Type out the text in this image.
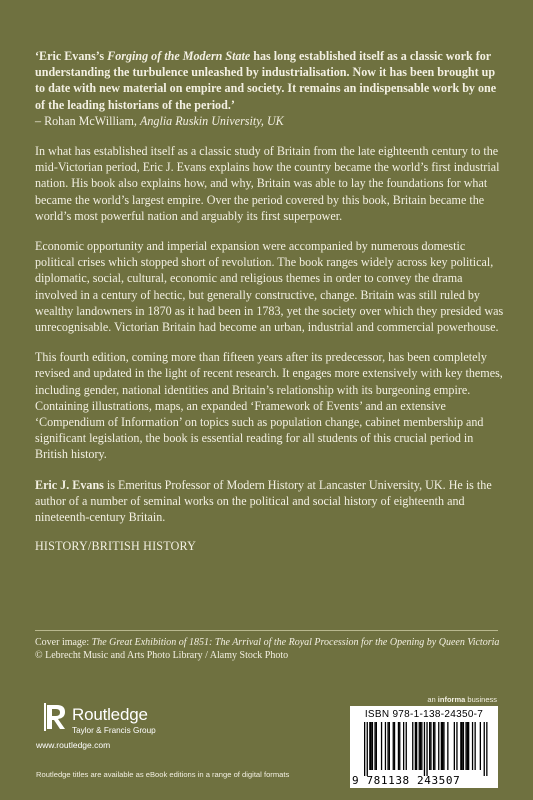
‘Eric Evans’s Forging of the Modern State has long established itself as a classic work for understanding the turbulence unleashed by industrialisation. Now it has been brought up to date with new material on empire and society. It remains an indispensable work by one of the leading historians of the period.’
– Rohan McWilliam, Anglia Ruskin University, UK

In what has established itself as a classic study of Britain from the late eighteenth century to the mid-Victorian period, Eric J. Evans explains how the country became the world’s first industrial nation. His book also explains how, and why, Britain was able to lay the foundations for what became the world’s largest empire. Over the period covered by this book, Britain became the world’s most powerful nation and arguably its first superpower.

Economic opportunity and imperial expansion were accompanied by numerous domestic political crises which stopped short of revolution. The book ranges widely across key political, diplomatic, social, cultural, economic and religious themes in order to convey the drama involved in a century of hectic, but generally constructive, change. Britain was still ruled by wealthy landowners in 1870 as it had been in 1783, yet the society over which they presided was unrecognisable. Victorian Britain had become an urban, industrial and commercial powerhouse.

This fourth edition, coming more than fifteen years after its predecessor, has been completely revised and updated in the light of recent research. It engages more extensively with key themes, including gender, national identities and Britain’s relationship with its burgeoning empire. Containing illustrations, maps, an expanded ‘Framework of Events’ and an extensive ‘Compendium of Information’ on topics such as population change, cabinet membership and significant legislation, the book is essential reading for all students of this crucial period in British history.

Eric J. Evans is Emeritus Professor of Modern History at Lancaster University, UK. He is the author of a number of seminal works on the political and social history of eighteenth and nineteenth-century Britain.

HISTORY/BRITISH HISTORY
Cover image: The Great Exhibition of 1851: The Arrival of the Royal Procession for the Opening by Queen Victoria © Lebrecht Music and Arts Photo Library / Alamy Stock Photo
an informa business
Routledge
Taylor & Francis Group
www.routledge.com
Routledge titles are available as eBook editions in a range of digital formats
ISBN 978-1-138-24350-7
9 781138 243507
